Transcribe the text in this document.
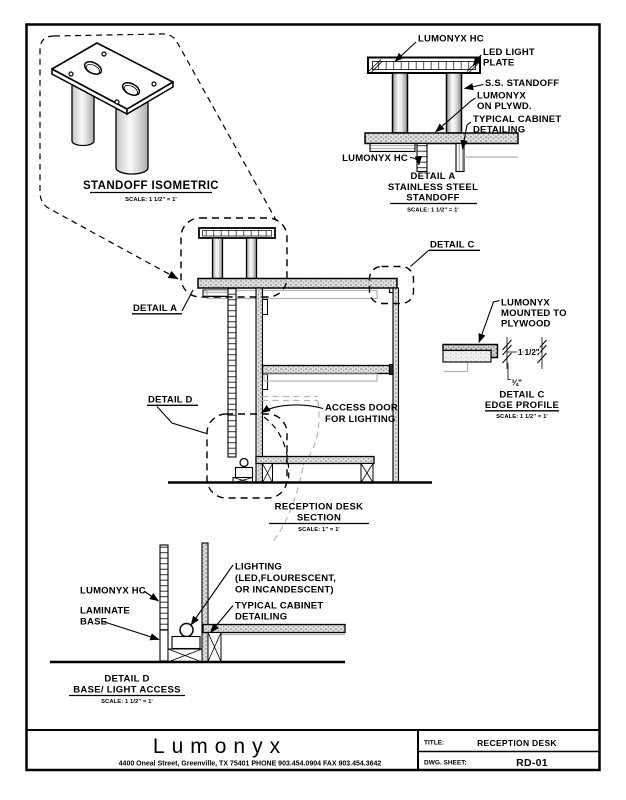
STANDOFF ISOMETRIC
SCALE: 1 1/2" = 1'
LUMONYX HC
LED LIGHT
PLATE
S.S. STANDOFF
LUMONYX
ON PLYWD.
TYPICAL CABINET
DETAILING
LUMONYX HC
DETAIL A
STAINLESS STEEL
STANDOFF
SCALE: 1 1/2" = 1'
DETAIL A
DETAIL C
DETAIL D
ACCESS DOOR
FOR LIGHTING
RECEPTION DESK
SECTION
SCALE: 1" = 1'
1 1/2"
¾"
LUMONYX
MOUNTED TO
PLYWOOD
DETAIL C
EDGE PROFILE
SCALE: 1 1/2" = 1'
LUMONYX HC
LAMINATE
BASE
LIGHTING
(LED,FLOURESCENT,
OR INCANDESCENT)
TYPICAL CABINET
DETAILING
DETAIL D
BASE/ LIGHT ACCESS
SCALE: 1 1/2" = 1'
Lumonyx
4400 Oneal Street, Greenville, TX 75401 PHONE 903.454.0904 FAX 903.454.3642
TITLE:	RECEPTION DESK
DWG. SHEET:	RD-01
